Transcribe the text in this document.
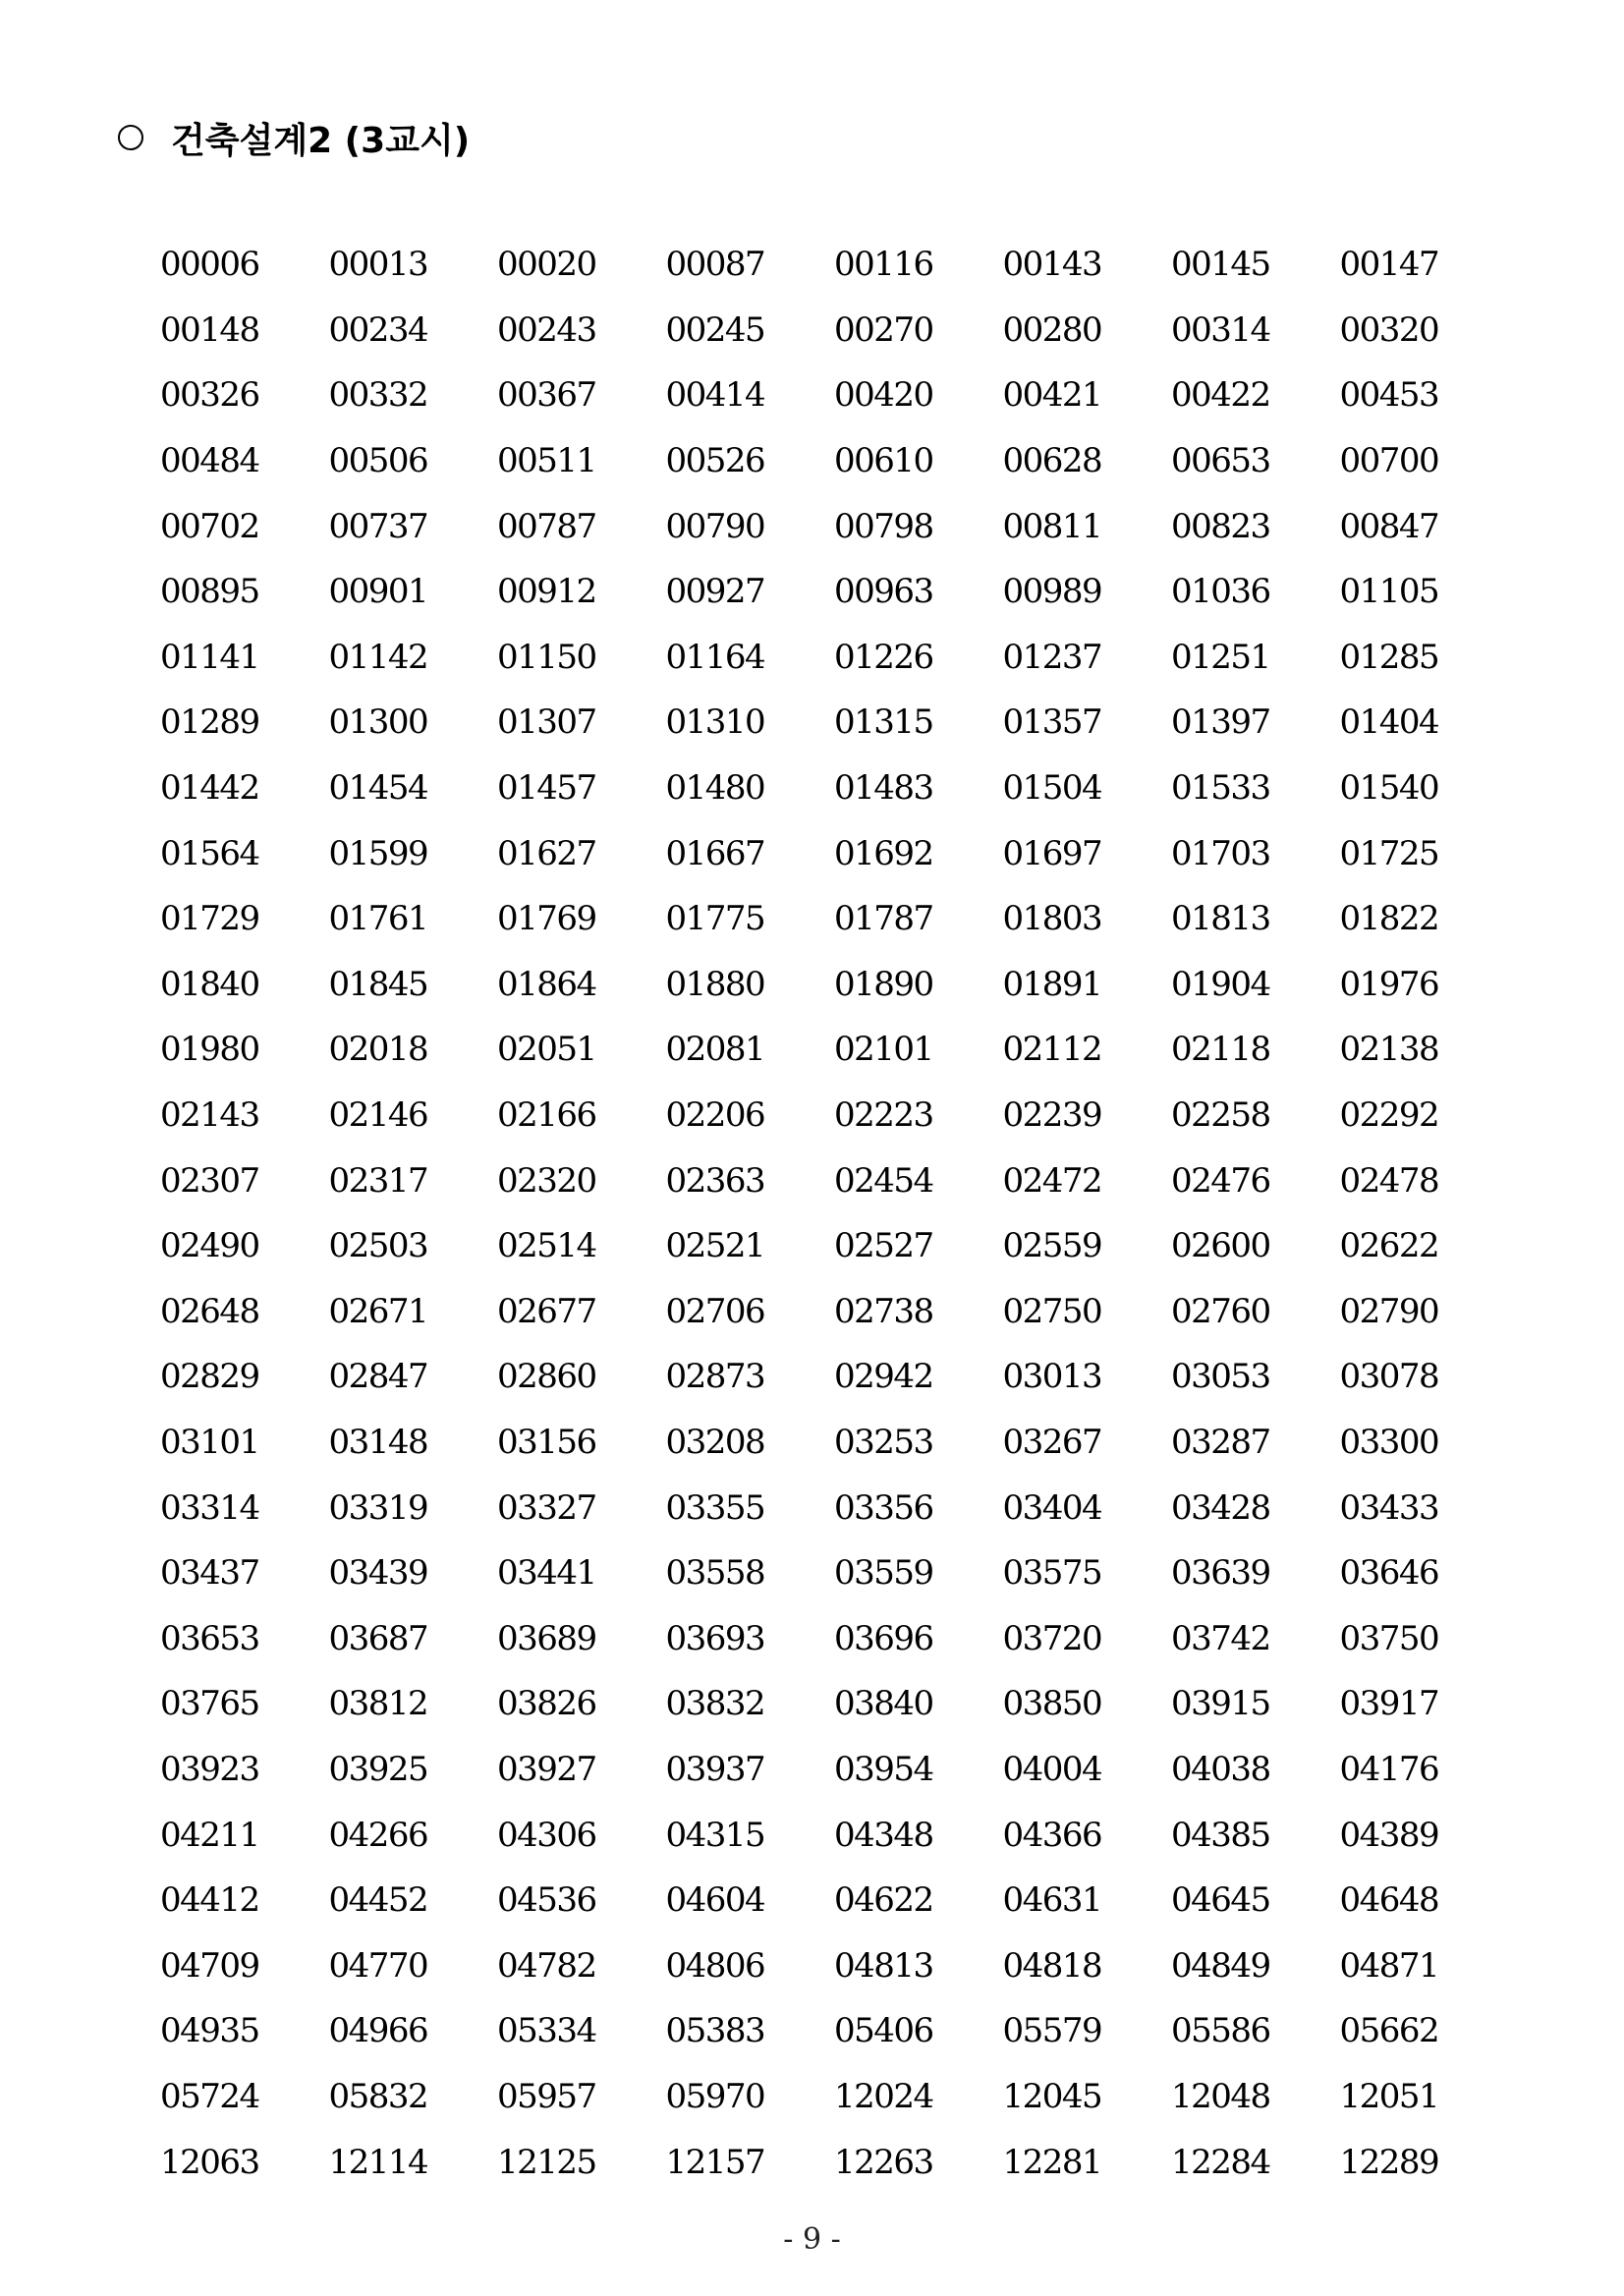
건축설계2 (3교시)
00006	00013	00020	00087	00116	00143	00145	00147
00148	00234	00243	00245	00270	00280	00314	00320
00326	00332	00367	00414	00420	00421	00422	00453
00484	00506	00511	00526	00610	00628	00653	00700
00702	00737	00787	00790	00798	00811	00823	00847
00895	00901	00912	00927	00963	00989	01036	01105
01141	01142	01150	01164	01226	01237	01251	01285
01289	01300	01307	01310	01315	01357	01397	01404
01442	01454	01457	01480	01483	01504	01533	01540
01564	01599	01627	01667	01692	01697	01703	01725
01729	01761	01769	01775	01787	01803	01813	01822
01840	01845	01864	01880	01890	01891	01904	01976
01980	02018	02051	02081	02101	02112	02118	02138
02143	02146	02166	02206	02223	02239	02258	02292
02307	02317	02320	02363	02454	02472	02476	02478
02490	02503	02514	02521	02527	02559	02600	02622
02648	02671	02677	02706	02738	02750	02760	02790
02829	02847	02860	02873	02942	03013	03053	03078
03101	03148	03156	03208	03253	03267	03287	03300
03314	03319	03327	03355	03356	03404	03428	03433
03437	03439	03441	03558	03559	03575	03639	03646
03653	03687	03689	03693	03696	03720	03742	03750
03765	03812	03826	03832	03840	03850	03915	03917
03923	03925	03927	03937	03954	04004	04038	04176
04211	04266	04306	04315	04348	04366	04385	04389
04412	04452	04536	04604	04622	04631	04645	04648
04709	04770	04782	04806	04813	04818	04849	04871
04935	04966	05334	05383	05406	05579	05586	05662
05724	05832	05957	05970	12024	12045	12048	12051
12063	12114	12125	12157	12263	12281	12284	12289
- 9 -
